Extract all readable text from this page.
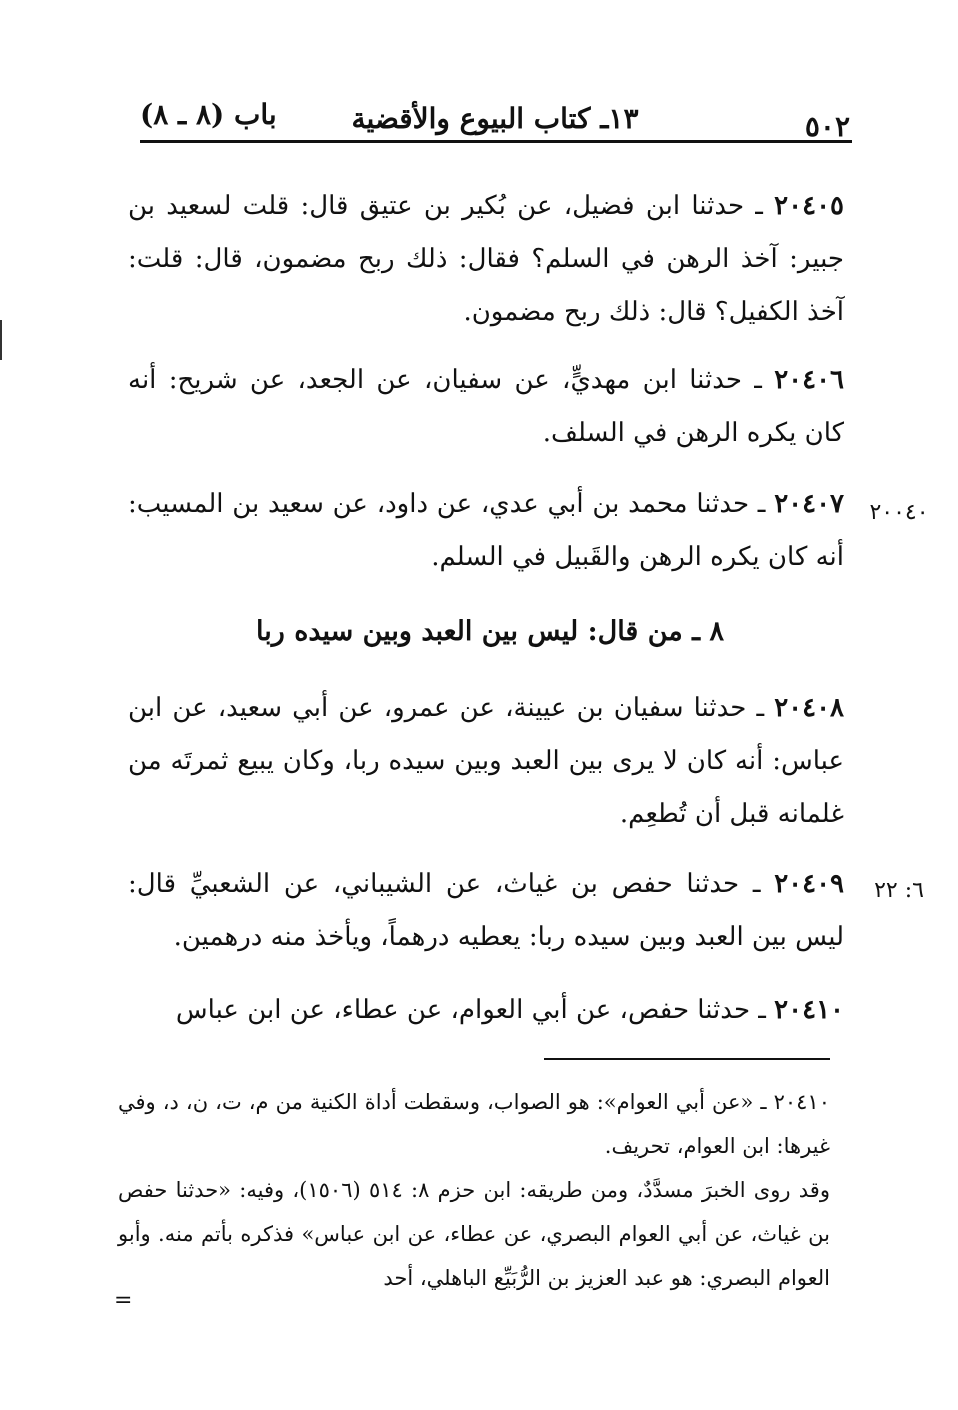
٥٠٢
١٣ـ كتاب البيوع والأقضية
باب (٨ ـ ٨)
٢٠٤٠٥ ـ حدثنا ابن فضيل، عن بُكير بن عتيق قال: قلت لسعيد بن جبير: آخذ الرهن في السلم؟ فقال: ذلك ربح مضمون، قال: قلت: آخذ الكفيل؟ قال: ذلك ربح مضمون.
٢٠٤٠٦ ـ حدثنا ابن مهديٍّ، عن سفيان، عن الجعد، عن شريح: أنه كان يكره الرهن في السلف.
٢٠٤٠٧ ـ حدثنا محمد بن أبي عدي، عن داود، عن سعيد بن المسيب: أنه كان يكره الرهن والقَبيل في السلم.
٢٠٠٤٠
٨ ـ من قال: ليس بين العبد وبين سيده ربا
٢٠٤٠٨ ـ حدثنا سفيان بن عيينة، عن عمرو، عن أبي سعيد، عن ابن عباس: أنه كان لا يرى بين العبد وبين سيده ربا، وكان يبيع ثمرتَه من غلمانه قبل أن تُطعِم.
٢٠٤٠٩ ـ حدثنا حفص بن غياث، عن الشيباني، عن الشعبيِّ قال: ليس بين العبد وبين سيده ربا: يعطيه درهماً، ويأخذ منه درهمين.
٦: ٢٢
٢٠٤١٠ ـ حدثنا حفص، عن أبي العوام، عن عطاء، عن ابن عباس
٢٠٤١٠ ـ «عن أبي العوام»: هو الصواب، وسقطت أداة الكنية من م، ت، ن، د، وفي غيرها: ابن العوام، تحريف.
وقد روى الخبرَ مسدَّدٌ، ومن طريقه: ابن حزم ٨: ٥١٤ (١٥٠٦)، وفيه: «حدثنا حفص بن غياث، عن أبي العوام البصري، عن عطاء، عن ابن عباس» فذكره بأتم منه. وأبو العوام البصري: هو عبد العزيز بن الرُّبَيِّع الباهلي، أحد
=
